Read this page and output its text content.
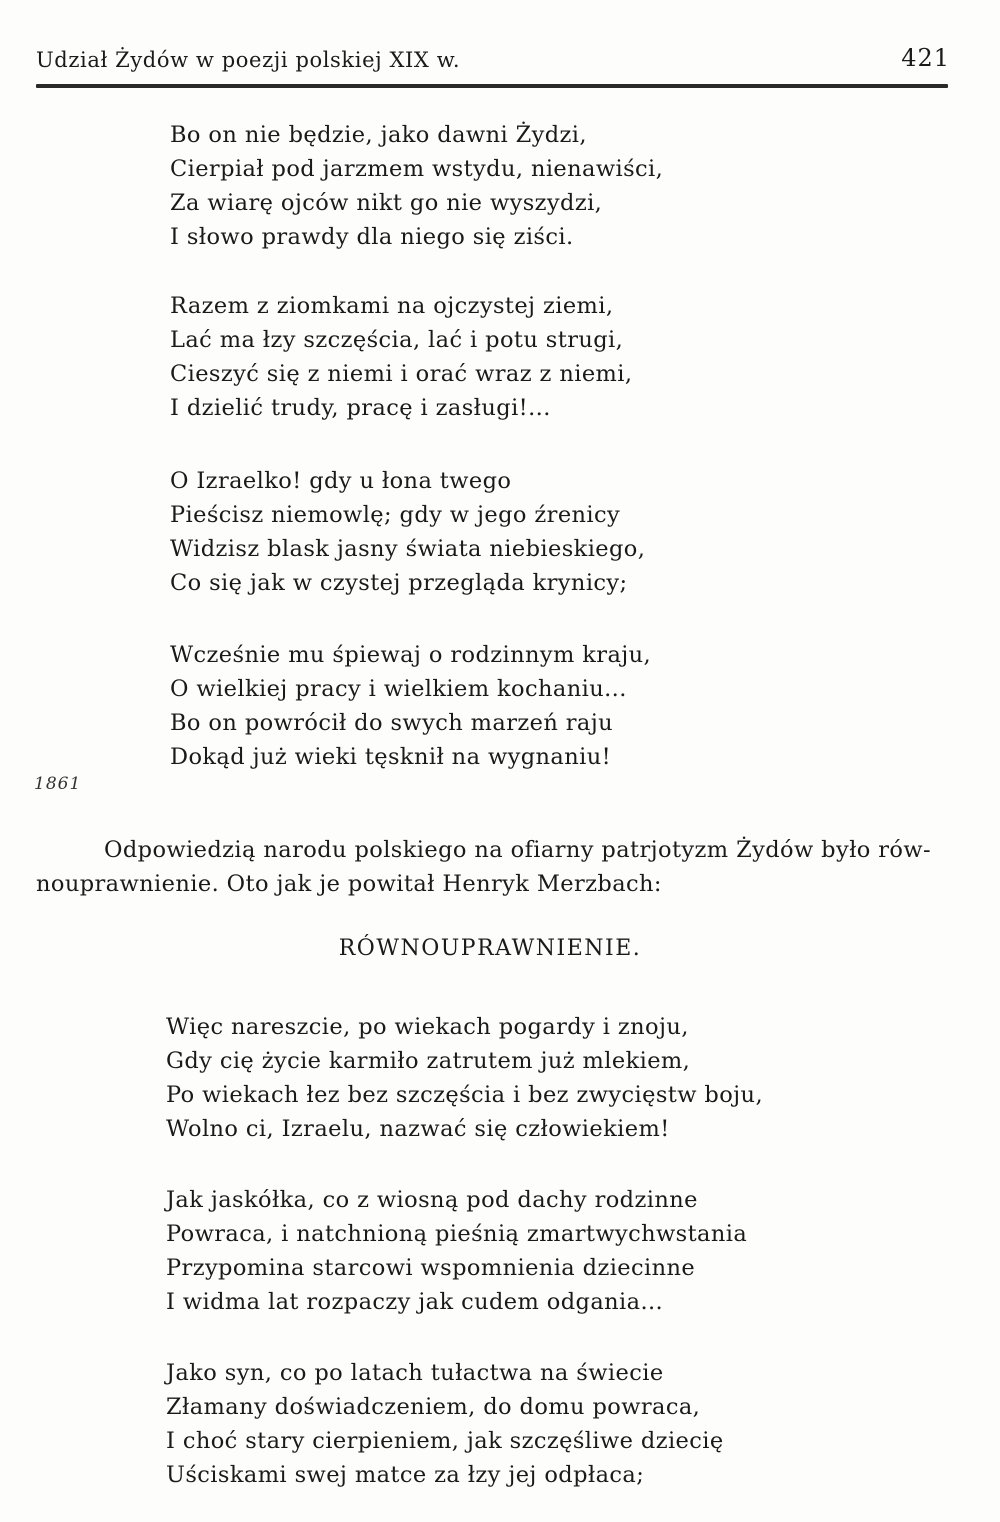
Udział Żydów w poezji polskiej XIX w.	421
Bo on nie będzie, jako dawni Żydzi,
Cierpiał pod jarzmem wstydu, nienawiści,
Za wiarę ojców nikt go nie wyszydzi,
I słowo prawdy dla niego się ziści.
Razem z ziomkami na ojczystej ziemi,
Lać ma łzy szczęścia, lać i potu strugi,
Cieszyć się z niemi i orać wraz z niemi,
I dzielić trudy, pracę i zasługi!...
O Izraelko! gdy u łona twego
Pieścisz niemowlę; gdy w jego źrenicy
Widzisz blask jasny świata niebieskiego,
Co się jak w czystej przegląda krynicy;
Wcześnie mu śpiewaj o rodzinnym kraju,
O wielkiej pracy i wielkiem kochaniu...
Bo on powrócił do swych marzeń raju
Dokąd już wieki tęsknił na wygnaniu!
1861
Odpowiedzią narodu polskiego na ofiarny patrjotyzm Żydów było rów-
nouprawnienie. Oto jak je powitał Henryk Merzbach:
RÓWNOUPRAWNIENIE.
Więc nareszcie, po wiekach pogardy i znoju,
Gdy cię życie karmiło zatrutem już mlekiem,
Po wiekach łez bez szczęścia i bez zwycięstw boju,
Wolno ci, Izraelu, nazwać się człowiekiem!
Jak jaskółka, co z wiosną pod dachy rodzinne
Powraca, i natchnioną pieśnią zmartwychwstania
Przypomina starcowi wspomnienia dziecinne
I widma lat rozpaczy jak cudem odgania...
Jako syn, co po latach tułactwa na świecie
Złamany doświadczeniem, do domu powraca,
I choć stary cierpieniem, jak szczęśliwe dziecię
Uściskami swej matce za łzy jej odpłaca;
